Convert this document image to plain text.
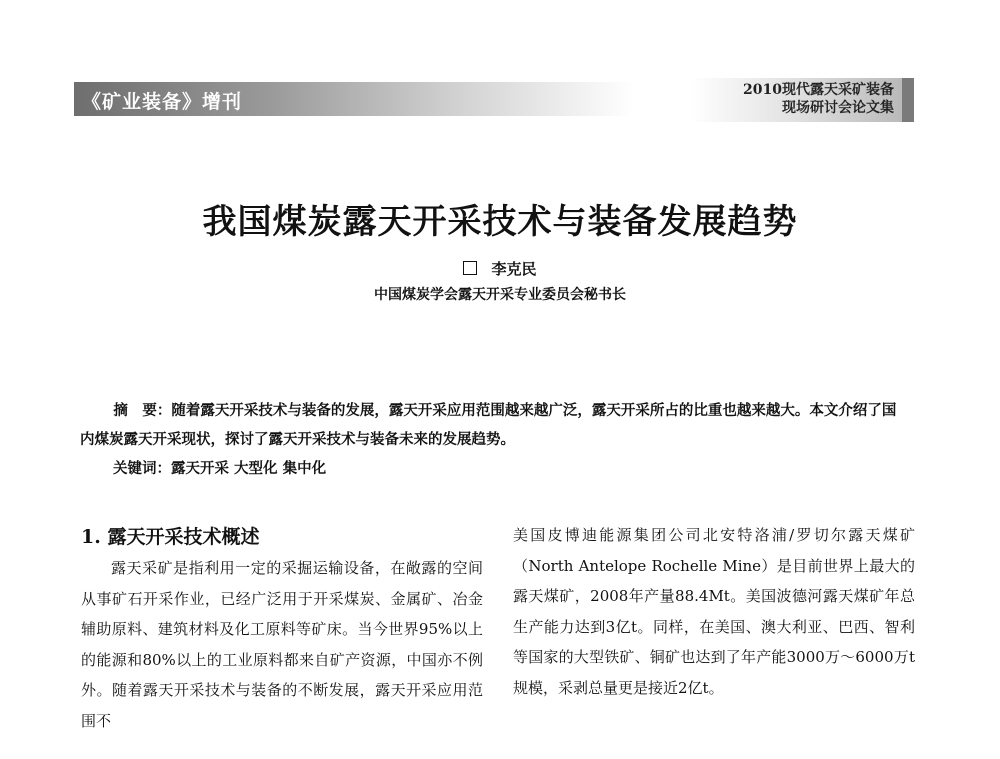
《矿业装备》增刊
2010现代露天采矿装备
现场研讨会论文集
我国煤炭露天开采技术与装备发展趋势
李克民
中国煤炭学会露天开采专业委员会秘书长
摘　要：随着露天开采技术与装备的发展，露天开采应用范围越来越广泛，露天开采所占的比重也越来越大。本文介绍了国内煤炭露天开采现状，探讨了露天开采技术与装备未来的发展趋势。
关键词：露天开采 大型化 集中化
1. 露天开采技术概述
露天采矿是指利用一定的采掘运输设备，在敞露的空间从事矿石开采作业，已经广泛用于开采煤炭、金属矿、冶金辅助原料、建筑材料及化工原料等矿床。当今世界95%以上的能源和80%以上的工业原料都来自矿产资源，中国亦不例外。随着露天开采技术与装备的不断发展，露天开采应用范围不
美国皮博迪能源集团公司北安特洛浦/罗切尔露天煤矿（North Antelope Rochelle Mine）是目前世界上最大的露天煤矿，2008年产量88.4Mt。美国波德河露天煤矿年总生产能力达到3亿t。同样，在美国、澳大利亚、巴西、智利等国家的大型铁矿、铜矿也达到了年产能3000万～6000万t规模，采剥总量更是接近2亿t。
